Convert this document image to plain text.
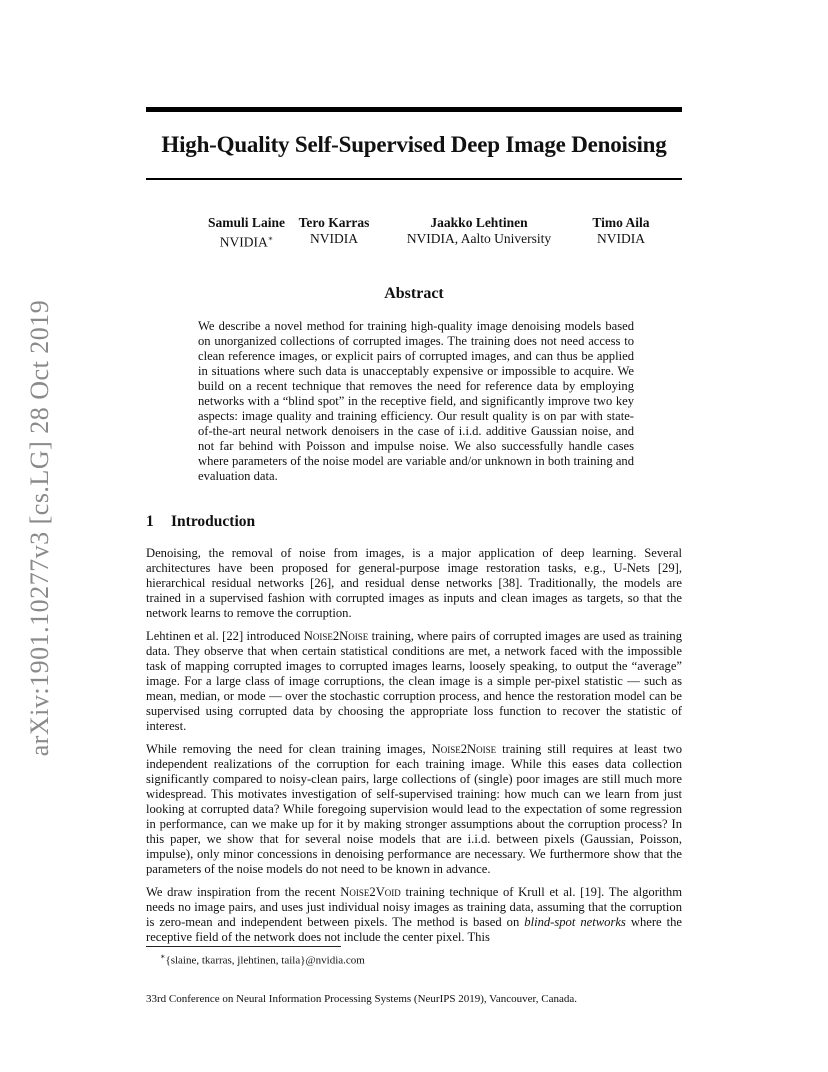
arXiv:1901.10277v3 [cs.LG] 28 Oct 2019
High-Quality Self-Supervised Deep Image Denoising
Samuli Laine
NVIDIA∗
Tero Karras
NVIDIA
Jaakko Lehtinen
NVIDIA, Aalto University
Timo Aila
NVIDIA
Abstract
We describe a novel method for training high-quality image denoising models based on unorganized collections of corrupted images. The training does not need access to clean reference images, or explicit pairs of corrupted images, and can thus be applied in situations where such data is unacceptably expensive or impossible to acquire. We build on a recent technique that removes the need for reference data by employing networks with a “blind spot” in the receptive field, and significantly improve two key aspects: image quality and training efficiency. Our result quality is on par with state-of-the-art neural network denoisers in the case of i.i.d. additive Gaussian noise, and not far behind with Poisson and impulse noise. We also successfully handle cases where parameters of the noise model are variable and/or unknown in both training and evaluation data.
1 Introduction

Denoising, the removal of noise from images, is a major application of deep learning. Several architectures have been proposed for general-purpose image restoration tasks, e.g., U-Nets [29], hierarchical residual networks [26], and residual dense networks [38]. Traditionally, the models are trained in a supervised fashion with corrupted images as inputs and clean images as targets, so that the network learns to remove the corruption.

Lehtinen et al. [22] introduced Noise2Noise training, where pairs of corrupted images are used as training data. They observe that when certain statistical conditions are met, a network faced with the impossible task of mapping corrupted images to corrupted images learns, loosely speaking, to output the “average” image. For a large class of image corruptions, the clean image is a simple per-pixel statistic — such as mean, median, or mode — over the stochastic corruption process, and hence the restoration model can be supervised using corrupted data by choosing the appropriate loss function to recover the statistic of interest.

While removing the need for clean training images, Noise2Noise training still requires at least two independent realizations of the corruption for each training image. While this eases data collection significantly compared to noisy-clean pairs, large collections of (single) poor images are still much more widespread. This motivates investigation of self-supervised training: how much can we learn from just looking at corrupted data? While foregoing supervision would lead to the expectation of some regression in performance, can we make up for it by making stronger assumptions about the corruption process? In this paper, we show that for several noise models that are i.i.d. between pixels (Gaussian, Poisson, impulse), only minor concessions in denoising performance are necessary. We furthermore show that the parameters of the noise models do not need to be known in advance.

We draw inspiration from the recent Noise2Void training technique of Krull et al. [19]. The algorithm needs no image pairs, and uses just individual noisy images as training data, assuming that the corruption is zero-mean and independent between pixels. The method is based on blind-spot networks where the receptive field of the network does not include the center pixel. This

∗{slaine, tkarras, jlehtinen, taila}@nvidia.com
33rd Conference on Neural Information Processing Systems (NeurIPS 2019), Vancouver, Canada.
